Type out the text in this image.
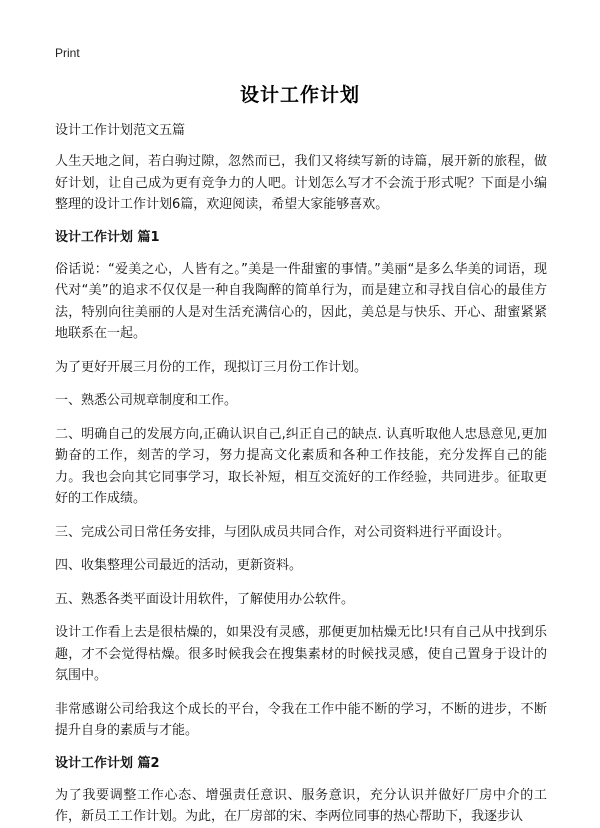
Print
设计工作计划

设计工作计划范文五篇

人生天地之间，若白驹过隙，忽然而已，我们又将续写新的诗篇，展开新的旅程，做好计划，让自己成为更有竞争力的人吧。计划怎么写才不会流于形式呢？下面是小编整理的设计工作计划6篇，欢迎阅读，希望大家能够喜欢。

设计工作计划 篇1

俗话说：“爱美之心，人皆有之。”美是一件甜蜜的事情。”美丽“是多么华美的词语，现代对“美”的追求不仅仅是一种自我陶醉的简单行为，而是建立和寻找自信心的最佳方法，特别向往美丽的人是对生活充满信心的，因此，美总是与快乐、开心、甜蜜紧紧地联系在一起。

为了更好开展三月份的工作，现拟订三月份工作计划。

一、熟悉公司规章制度和工作。

二、明确自己的发展方向,正确认识自己,纠正自己的缺点. 认真听取他人忠恳意见,更加勤奋的工作，刻苦的学习，努力提高文化素质和各种工作技能，充分发挥自己的能力。我也会向其它同事学习，取长补短，相互交流好的工作经验，共同进步。征取更好的工作成绩。

三、完成公司日常任务安排，与团队成员共同合作，对公司资料进行平面设计。

四、收集整理公司最近的活动，更新资料。

五、熟悉各类平面设计用软件，了解使用办公软件。

设计工作看上去是很枯燥的，如果没有灵感，那便更加枯燥无比!只有自己从中找到乐趣，才不会觉得枯燥。很多时候我会在搜集素材的时候找灵感，使自己置身于设计的氛围中。

非常感谢公司给我这个成长的平台，令我在工作中能不断的学习，不断的进步，不断提升自身的素质与才能。

设计工作计划 篇2

为了我要调整工作心态、增强责任意识、服务意识，充分认识并做好厂房中介的工作，新员工工作计划。为此，在厂房部的宋、李两位同事的热心帮助下，我逐步认
